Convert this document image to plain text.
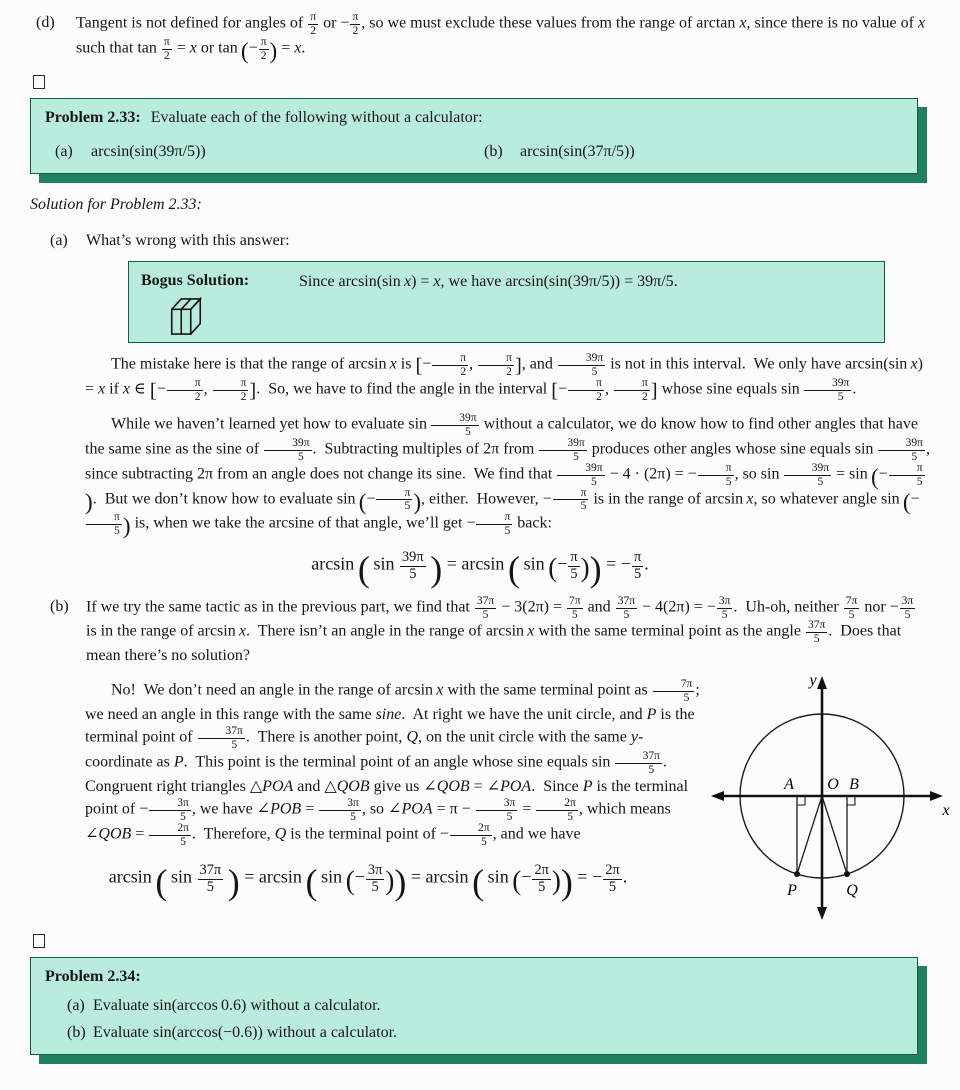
(d)	Tangent is not defined for angles of $\frac{\pi}{2}$ or − $\frac{\pi}{2}$ , so we must exclude these values from the range of arctan x, since there is no value of x such that $\tan \frac{\pi}{2} = x$ or tan (− $\frac{\pi}{2}$ ) = x.
Problem 2.33: Evaluate each of the following without a calculator:
(a)	arcsin(sin(39π/5))	(b)	arcsin(sin(37π/5))
Solution for Problem 2.33:
(a)	What’s wrong with this answer:
Bogus Solution:	Since arcsin(sin x) = x, we have arcsin(sin(39π/5)) = 39π/5.
The mistake here is that the range of arcsin x is [− $\frac{\pi}{2}$ , $\frac{\pi}{2}$ ], and $\frac{39\pi}{5}$ is not in this interval.  We only have arcsin(sin x) = x if x ∈ [− $\frac{\pi}{2}$ , $\frac{\pi}{2}$ ].  So, we have to find the angle in the interval [− $\frac{\pi}{2}$ , $\frac{\pi}{2}$ ] whose sine equals $\sin \frac{39\pi}{5}$ .
While we haven’t learned yet how to evaluate $\sin \frac{39\pi}{5}$ without a calculator, we do know how to find other angles that have the same sine as the sine of $\frac{39\pi}{5}$ .  Subtracting multiples of 2π from $\frac{39\pi}{5}$ produces other angles whose sine equals $\sin \frac{39\pi}{5}$ , since subtracting 2π from an angle does not change its sine.  We find that $\frac{39\pi}{5} - 4 \cdot (2\pi)$ = − $\frac{\pi}{5}$ , so $\sin \frac{39\pi}{5} = \sin$ (− $\frac{\pi}{5}$
).  But we don’t know how to evaluate sin (− $\frac{\pi}{5}$ ), either.  However, − $\frac{\pi}{5}$ is in the range of arcsin x, so whatever angle sin (−
$\frac{\pi}{5}$ ) is, when we take the arcsine of that angle, we’ll get − $\frac{\pi}{5}$ back:
arcsin ( $\sin \frac{39\pi}{5}$
  ) = arcsin ( sin (− $\frac{\pi}{5}$ )) = − $\frac{\pi}{5}$ .
(b)	If we try the same tactic as in the previous part, we find that $\frac{37\pi}{5} - 3(2\pi) = \frac{7\pi}{5}$ and $\frac{37\pi}{5} - 4(2\pi)$ = − $\frac{3\pi}{5}$ .  Uh-oh, neither $\frac{7\pi}{5}$ nor − $\frac{3\pi}{5}$
is in the range of arcsin x.  There isn’t an angle in the range of arcsin x with the same terminal point as the angle $\frac{37\pi}{5}$ .  Does that mean there’s no solution?
No!  We don’t need an angle in the range of arcsin x with the same terminal point as $\frac{7\pi}{5}$ ; we need an angle in this range with the same sine.  At right we have the unit circle, and P is the terminal point of $\frac{37\pi}{5}$ .  There is another point, Q, on the unit circle with the same y-coordinate as P.  This point is the terminal point of an angle whose sine equals $\sin \frac{37\pi}{5}$ .  Congruent right triangles △POA and △QOB give us ∠QOB = ∠POA.  Since P is the terminal point of − $\frac{3\pi}{5}$ , we have ∠POB = $\frac{3\pi}{5}$ , so ∠POA = $\pi - \frac{3\pi}{5} = \frac{2\pi}{5}$ , which means ∠QOB = $\frac{2\pi}{5}$ .  Therefore, Q is the terminal point of − $\frac{2\pi}{5}$ , and we have
arcsin ( $\sin \frac{37\pi}{5}$
  ) = arcsin ( sin (− $\frac{3\pi}{5}$ )) = arcsin ( sin (− $\frac{2\pi}{5}$ )) = − $\frac{2\pi}{5}$ .
y
x
A O B
P	Q
Problem 2.34:
(a) Evaluate sin(arccos 0.6) without a calculator.
(b) Evaluate sin(arccos(−0.6)) without a calculator.
